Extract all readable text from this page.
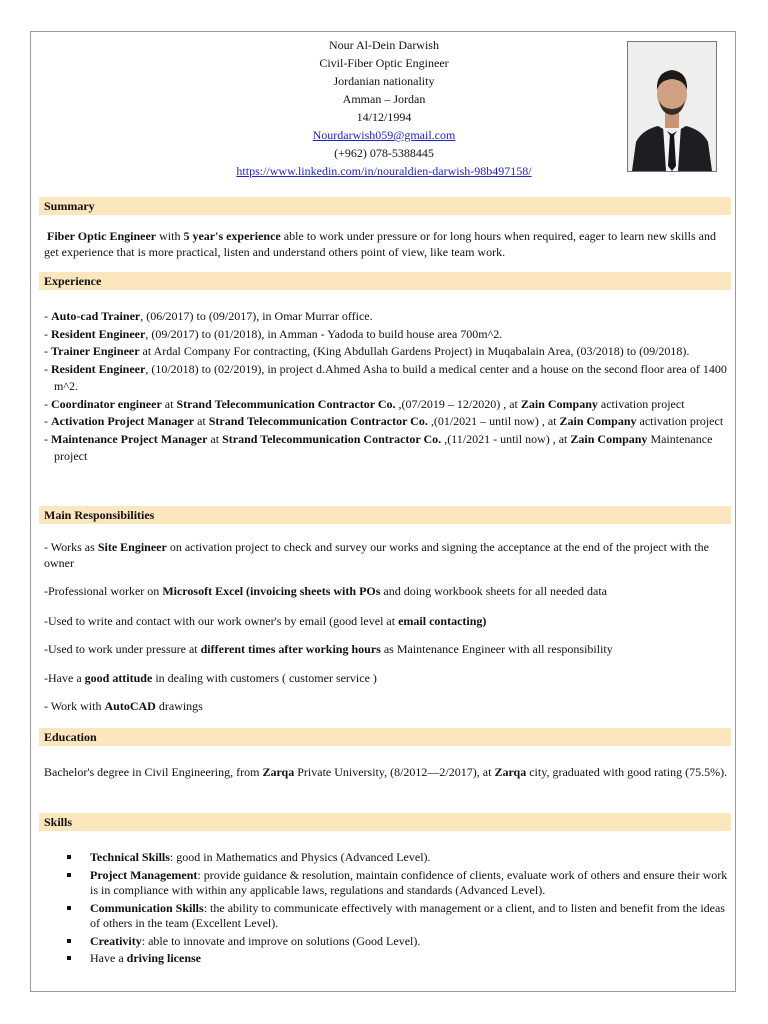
Nour Al-Dein Darwish
Civil-Fiber Optic Engineer
Jordanian nationality
Amman – Jordan
14/12/1994
Nourdarwish059@gmail.com
(+962) 078-5388445
https://www.linkedin.com/in/nouraldien-darwish-98b497158/
Summary

Fiber Optic Engineer with 5 year's experience able to work under pressure or for long hours when required, eager to learn new skills and get experience that is more practical, listen and understand others point of view, like team work.

Experience

- Auto-cad Trainer, (06/2017) to (09/2017), in Omar Murrar office.

- Resident Engineer, (09/2017) to (01/2018), in Amman - Yadoda to build house area 700m^2.

- Trainer Engineer at Ardal Company For contracting, (King Abdullah Gardens Project) in Muqabalain Area, (03/2018) to (09/2018).

- Resident Engineer, (10/2018) to (02/2019), in project d.Ahmed Asha to build a medical center and a house on the second floor area of 1400 m^2.

- Coordinator engineer at Strand Telecommunication Contractor Co. ,(07/2019 – 12/2020) , at Zain Company activation project

- Activation Project Manager at Strand Telecommunication Contractor Co. ,(01/2021 – until now) , at Zain Company activation project

- Maintenance Project Manager at Strand Telecommunication Contractor Co. ,(11/2021 - until now) , at Zain Company Maintenance project

Main Responsibilities

- Works as Site Engineer on activation project to check and survey our works and signing the acceptance at the end of the project with the owner

-Professional worker on Microsoft Excel (invoicing sheets with POs and doing workbook sheets for all needed data

-Used to write and contact with our work owner's by email (good level at email contacting)

-Used to work under pressure at different times after working hours as Maintenance Engineer with all responsibility

-Have a good attitude in dealing with customers ( customer service )

- Work with AutoCAD drawings

Education

Bachelor's degree in Civil Engineering, from Zarqa Private University, (8/2012—2/2017), at Zarqa city, graduated with good rating (75.5%).

Skills
Technical Skills: good in Mathematics and Physics (Advanced Level).
Project Management: provide guidance & resolution, maintain confidence of clients, evaluate work of others and ensure their work is in compliance with within any applicable laws, regulations and standards (Advanced Level).
Communication Skills: the ability to communicate effectively with management or a client, and to listen and benefit from the ideas of others in the team (Excellent Level).
Creativity: able to innovate and improve on solutions (Good Level).
Have a driving license
